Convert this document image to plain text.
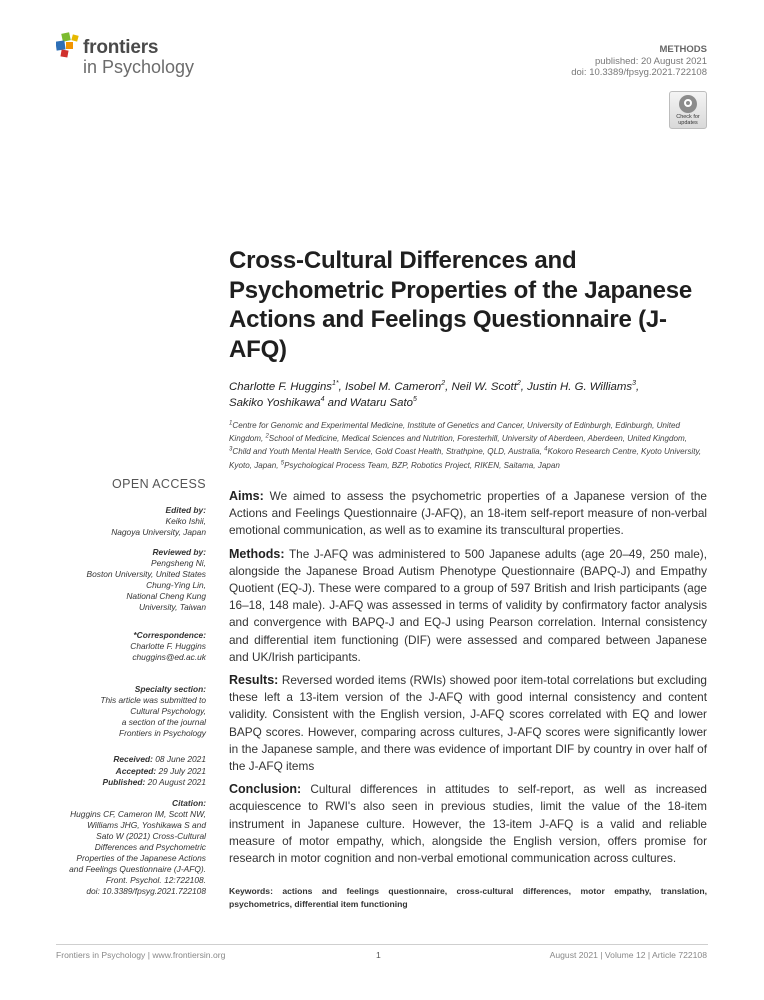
frontiers
in Psychology
METHODS
published: 20 August 2021
doi: 10.3389/fpsyg.2021.722108
Check for
updates
Cross-Cultural Differences and Psychometric Properties of the Japanese Actions and Feelings Questionnaire (J-AFQ)
Charlotte F. Huggins$^{1*}$, Isobel M. Cameron$^2$, Neil W. Scott$^2$, Justin H. G. Williams$^3$,
Sakiko Yoshikawa$^4$ and Wataru Sato$^5$
$^1$Centre for Genomic and Experimental Medicine, Institute of Genetics and Cancer, University of Edinburgh, Edinburgh, United Kingdom, $^2$School of Medicine, Medical Sciences and Nutrition, Foresterhill, University of Aberdeen, Aberdeen, United Kingdom, $^3$Child and Youth Mental Health Service, Gold Coast Health, Strathpine, QLD, Australia, $^4$Kokoro Research Centre, Kyoto University, Kyoto, Japan, $^5$Psychological Process Team, BZP, Robotics Project, RIKEN, Saitama, Japan
OPEN ACCESS
Edited by:
Keiko Ishii,
Nagoya University, Japan
Reviewed by:
Pengsheng Ni,
Boston University, United States
Chung-Ying Lin,
National Cheng Kung
University, Taiwan
*Correspondence:
Charlotte F. Huggins
chuggins@ed.ac.uk
Specialty section:
This article was submitted to
Cultural Psychology,
a section of the journal
Frontiers in Psychology
Received: 08 June 2021
Accepted: 29 July 2021
Published: 20 August 2021
Citation:
Huggins CF, Cameron IM, Scott NW,
Williams JHG, Yoshikawa S and
Sato W (2021) Cross-Cultural
Differences and Psychometric
Properties of the Japanese Actions
and Feelings Questionnaire (J-AFQ).
Front. Psychol. 12:722108.
doi: 10.3389/fpsyg.2021.722108

Aims: We aimed to assess the psychometric properties of a Japanese version of the Actions and Feelings Questionnaire (J-AFQ), an 18-item self-report measure of non-verbal emotional communication, as well as to examine its transcultural properties.

Methods: The J-AFQ was administered to 500 Japanese adults (age 20–49, 250 male), alongside the Japanese Broad Autism Phenotype Questionnaire (BAPQ-J) and Empathy Quotient (EQ-J). These were compared to a group of 597 British and Irish participants (age 16–18, 148 male). J-AFQ was assessed in terms of validity by confirmatory factor analysis and convergence with BAPQ-J and EQ-J using Pearson correlation. Internal consistency and differential item functioning (DIF) were assessed and compared between Japanese and UK/Irish participants.

Results: Reversed worded items (RWIs) showed poor item-total correlations but excluding these left a 13-item version of the J-AFQ with good internal consistency and content validity. Consistent with the English version, J-AFQ scores correlated with EQ and lower BAPQ scores. However, comparing across cultures, J-AFQ scores were significantly lower in the Japanese sample, and there was evidence of important DIF by country in over half of the J-AFQ items

Conclusion: Cultural differences in attitudes to self-report, as well as increased acquiescence to RWI's also seen in previous studies, limit the value of the 18-item instrument in Japanese culture. However, the 13-item J-AFQ is a valid and reliable measure of motor empathy, which, alongside the English version, offers promise for research in motor cognition and non-verbal emotional communication across cultures.

Keywords: actions and feelings questionnaire, cross-cultural differences, motor empathy, translation, psychometrics, differential item functioning
Frontiers in Psychology | www.frontiersin.org	1	August 2021 | Volume 12 | Article 722108
